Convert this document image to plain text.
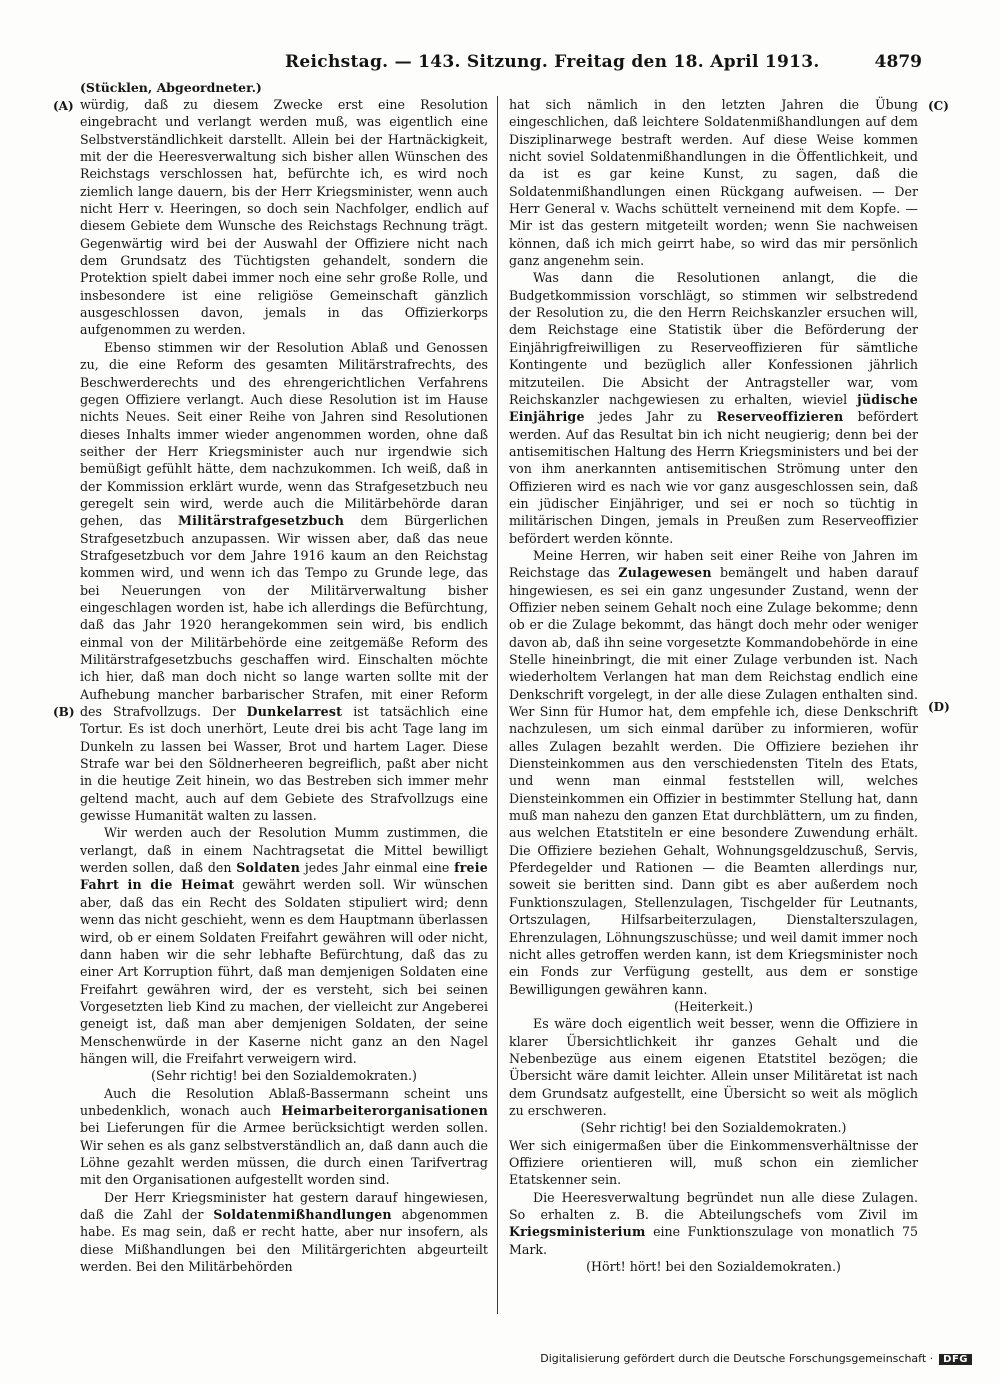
Reichstag. — 143. Sitzung. Freitag den 18. April 1913.	4879
(Stücklen, Abgeordneter.)
(A)
(B)
(C)
(D)

würdig, daß zu diesem Zwecke erst eine Resolution eingebracht und verlangt werden muß, was eigentlich eine Selbstverständlichkeit darstellt. Allein bei der Hartnäckigkeit, mit der die Heeresverwaltung sich bisher allen Wünschen des Reichstags verschlossen hat, befürchte ich, es wird noch ziemlich lange dauern, bis der Herr Kriegsminister, wenn auch nicht Herr v. Heeringen, so doch sein Nachfolger, endlich auf diesem Gebiete dem Wunsche des Reichstags Rechnung trägt. Gegenwärtig wird bei der Auswahl der Offiziere nicht nach dem Grundsatz des Tüchtigsten gehandelt, sondern die Protektion spielt dabei immer noch eine sehr große Rolle, und insbesondere ist eine religiöse Gemeinschaft gänzlich ausgeschlossen davon, jemals in das Offizierkorps aufgenommen zu werden.

Ebenso stimmen wir der Resolution Ablaß und Genossen zu, die eine Reform des gesamten Militärstrafrechts, des Beschwerderechts und des ehrengerichtlichen Verfahrens gegen Offiziere verlangt. Auch diese Resolution ist im Hause nichts Neues. Seit einer Reihe von Jahren sind Resolutionen dieses Inhalts immer wieder angenommen worden, ohne daß seither der Herr Kriegsminister auch nur irgendwie sich bemüßigt gefühlt hätte, dem nachzukommen. Ich weiß, daß in der Kommission erklärt wurde, wenn das Strafgesetzbuch neu geregelt sein wird, werde auch die Militärbehörde daran gehen, das Militärstrafgesetzbuch dem Bürgerlichen Strafgesetzbuch anzupassen. Wir wissen aber, daß das neue Strafgesetzbuch vor dem Jahre 1916 kaum an den Reichstag kommen wird, und wenn ich das Tempo zu Grunde lege, das bei Neuerungen von der Militärverwaltung bisher eingeschlagen worden ist, habe ich allerdings die Befürchtung, daß das Jahr 1920 herangekommen sein wird, bis endlich einmal von der Militärbehörde eine zeitgemäße Reform des Militärstrafgesetzbuchs geschaffen wird. Einschalten möchte ich hier, daß man doch nicht so lange warten sollte mit der Aufhebung mancher barbarischer Strafen, mit einer Reform des Strafvollzugs. Der Dunkelarrest ist tatsächlich eine Tortur. Es ist doch unerhört, Leute drei bis acht Tage lang im Dunkeln zu lassen bei Wasser, Brot und hartem Lager. Diese Strafe war bei den Söldnerheeren begreiflich, paßt aber nicht in die heutige Zeit hinein, wo das Bestreben sich immer mehr geltend macht, auch auf dem Gebiete des Strafvollzugs eine gewisse Humanität walten zu lassen.

Wir werden auch der Resolution Mumm zustimmen, die verlangt, daß in einem Nachtragsetat die Mittel bewilligt werden sollen, daß den Soldaten jedes Jahr einmal eine freie Fahrt in die Heimat gewährt werden soll. Wir wünschen aber, daß das ein Recht des Soldaten stipuliert wird; denn wenn das nicht geschieht, wenn es dem Hauptmann überlassen wird, ob er einem Soldaten Freifahrt gewähren will oder nicht, dann haben wir die sehr lebhafte Befürchtung, daß das zu einer Art Korruption führt, daß man demjenigen Soldaten eine Freifahrt gewähren wird, der es versteht, sich bei seinen Vorgesetzten lieb Kind zu machen, der vielleicht zur Angeberei geneigt ist, daß man aber demjenigen Soldaten, der seine Menschenwürde in der Kaserne nicht ganz an den Nagel hängen will, die Freifahrt verweigern wird.

(Sehr richtig! bei den Sozialdemokraten.)

Auch die Resolution Ablaß-Bassermann scheint uns unbedenklich, wonach auch Heimarbeiterorganisationen bei Lieferungen für die Armee berücksichtigt werden sollen. Wir sehen es als ganz selbstverständlich an, daß dann auch die Löhne gezahlt werden müssen, die durch einen Tarifvertrag mit den Organisationen aufgestellt worden sind.

Der Herr Kriegsminister hat gestern darauf hingewiesen, daß die Zahl der Soldatenmißhandlungen abgenommen habe. Es mag sein, daß er recht hatte, aber nur insofern, als diese Mißhandlungen bei den Militärgerichten abgeurteilt werden. Bei den Militärbehörden

hat sich nämlich in den letzten Jahren die Übung eingeschlichen, daß leichtere Soldatenmißhandlungen auf dem Disziplinarwege bestraft werden. Auf diese Weise kommen nicht soviel Soldatenmißhandlungen in die Öffentlichkeit, und da ist es gar keine Kunst, zu sagen, daß die Soldatenmißhandlungen einen Rückgang aufweisen. — Der Herr General v. Wachs schüttelt verneinend mit dem Kopfe. — Mir ist das gestern mitgeteilt worden; wenn Sie nachweisen können, daß ich mich geirrt habe, so wird das mir persönlich ganz angenehm sein.

Was dann die Resolutionen anlangt, die die Budgetkommission vorschlägt, so stimmen wir selbstredend der Resolution zu, die den Herrn Reichskanzler ersuchen will, dem Reichstage eine Statistik über die Beförderung der Einjährigfreiwilligen zu Reserveoffizieren für sämtliche Kontingente und bezüglich aller Konfessionen jährlich mitzuteilen. Die Absicht der Antragsteller war, vom Reichskanzler nachgewiesen zu erhalten, wieviel jüdische Einjährige jedes Jahr zu Reserveoffizieren befördert werden. Auf das Resultat bin ich nicht neugierig; denn bei der antisemitischen Haltung des Herrn Kriegsministers und bei der von ihm anerkannten antisemitischen Strömung unter den Offizieren wird es nach wie vor ganz ausgeschlossen sein, daß ein jüdischer Einjähriger, und sei er noch so tüchtig in militärischen Dingen, jemals in Preußen zum Reserveoffizier befördert werden könnte.

Meine Herren, wir haben seit einer Reihe von Jahren im Reichstage das Zulagewesen bemängelt und haben darauf hingewiesen, es sei ein ganz ungesunder Zustand, wenn der Offizier neben seinem Gehalt noch eine Zulage bekomme; denn ob er die Zulage bekommt, das hängt doch mehr oder weniger davon ab, daß ihn seine vorgesetzte Kommandobehörde in eine Stelle hineinbringt, die mit einer Zulage verbunden ist. Nach wiederholtem Verlangen hat man dem Reichstag endlich eine Denkschrift vorgelegt, in der alle diese Zulagen enthalten sind. Wer Sinn für Humor hat, dem empfehle ich, diese Denkschrift nachzulesen, um sich einmal darüber zu informieren, wofür alles Zulagen bezahlt werden. Die Offiziere beziehen ihr Diensteinkommen aus den verschiedensten Titeln des Etats, und wenn man einmal feststellen will, welches Diensteinkommen ein Offizier in bestimmter Stellung hat, dann muß man nahezu den ganzen Etat durchblättern, um zu finden, aus welchen Etatstiteln er eine besondere Zuwendung erhält. Die Offiziere beziehen Gehalt, Wohnungsgeldzuschuß, Servis, Pferdegelder und Rationen — die Beamten allerdings nur, soweit sie beritten sind. Dann gibt es aber außerdem noch Funktionszulagen, Stellenzulagen, Tischgelder für Leutnants, Ortszulagen, Hilfsarbeiterzulagen, Dienstalterszulagen, Ehrenzulagen, Löhnungszuschüsse; und weil damit immer noch nicht alles getroffen werden kann, ist dem Kriegsminister noch ein Fonds zur Verfügung gestellt, aus dem er sonstige Bewilligungen gewähren kann.

(Heiterkeit.)

Es wäre doch eigentlich weit besser, wenn die Offiziere in klarer Übersichtlichkeit ihr ganzes Gehalt und die Nebenbezüge aus einem eigenen Etatstitel bezögen; die Übersicht wäre damit leichter. Allein unser Militäretat ist nach dem Grundsatz aufgestellt, eine Übersicht so weit als möglich zu erschweren.

(Sehr richtig! bei den Sozialdemokraten.)

Wer sich einigermaßen über die Einkommensverhältnisse der Offiziere orientieren will, muß schon ein ziemlicher Etatskenner sein.

Die Heeresverwaltung begründet nun alle diese Zulagen. So erhalten z. B. die Abteilungschefs vom Zivil im Kriegsministerium eine Funktionszulage von monatlich 75 Mark.

(Hört! hört! bei den Sozialdemokraten.)

Digitalisierung gefördert durch die Deutsche Forschungsgemeinschaft · DFG
